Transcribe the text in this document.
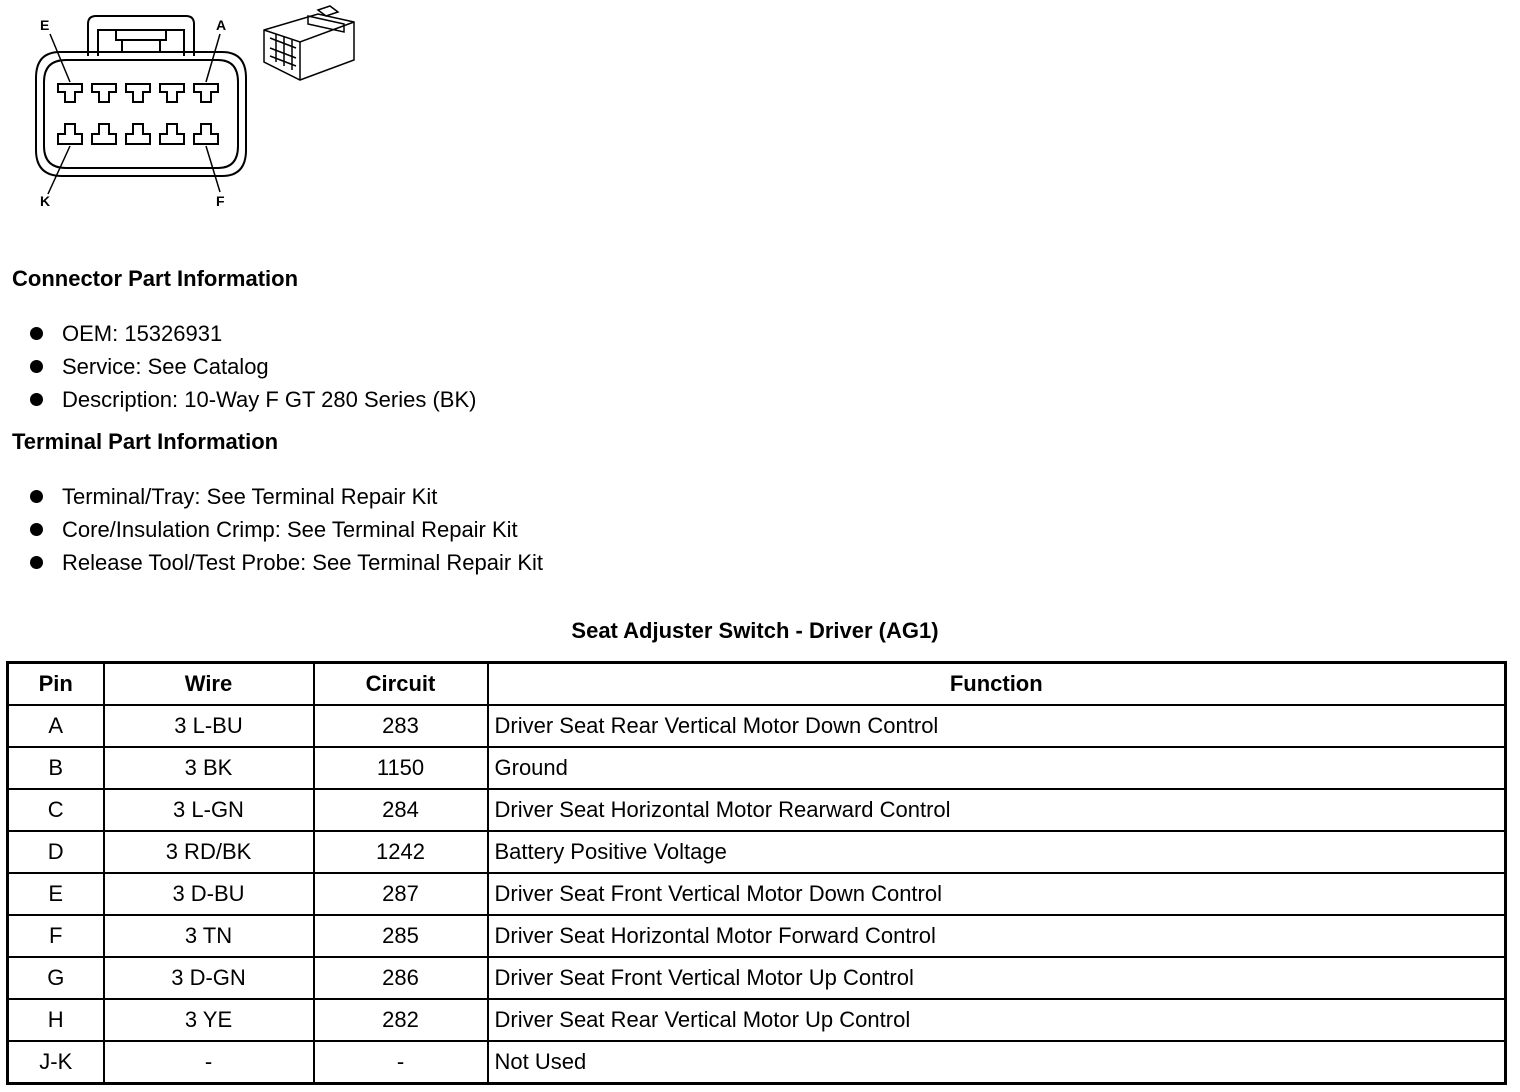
E	A
K	F
Connector Part Information
OEM: 15326931
Service: See Catalog
Description: 10-Way F GT 280 Series (BK)
Terminal Part Information
Terminal/Tray: See Terminal Repair Kit
Core/Insulation Crimp: See Terminal Repair Kit
Release Tool/Test Probe: See Terminal Repair Kit
Seat Adjuster Switch - Driver (AG1)
Pin	Wire	Circuit	Function
A	3 L-BU	283	Driver Seat Rear Vertical Motor Down Control
B	3 BK	1150	Ground
C	3 L-GN	284	Driver Seat Horizontal Motor Rearward Control
D	3 RD/BK	1242	Battery Positive Voltage
E	3 D-BU	287	Driver Seat Front Vertical Motor Down Control
F	3 TN	285	Driver Seat Horizontal Motor Forward Control
G	3 D-GN	286	Driver Seat Front Vertical Motor Up Control
H	3 YE	282	Driver Seat Rear Vertical Motor Up Control
J-K	-	-	Not Used
